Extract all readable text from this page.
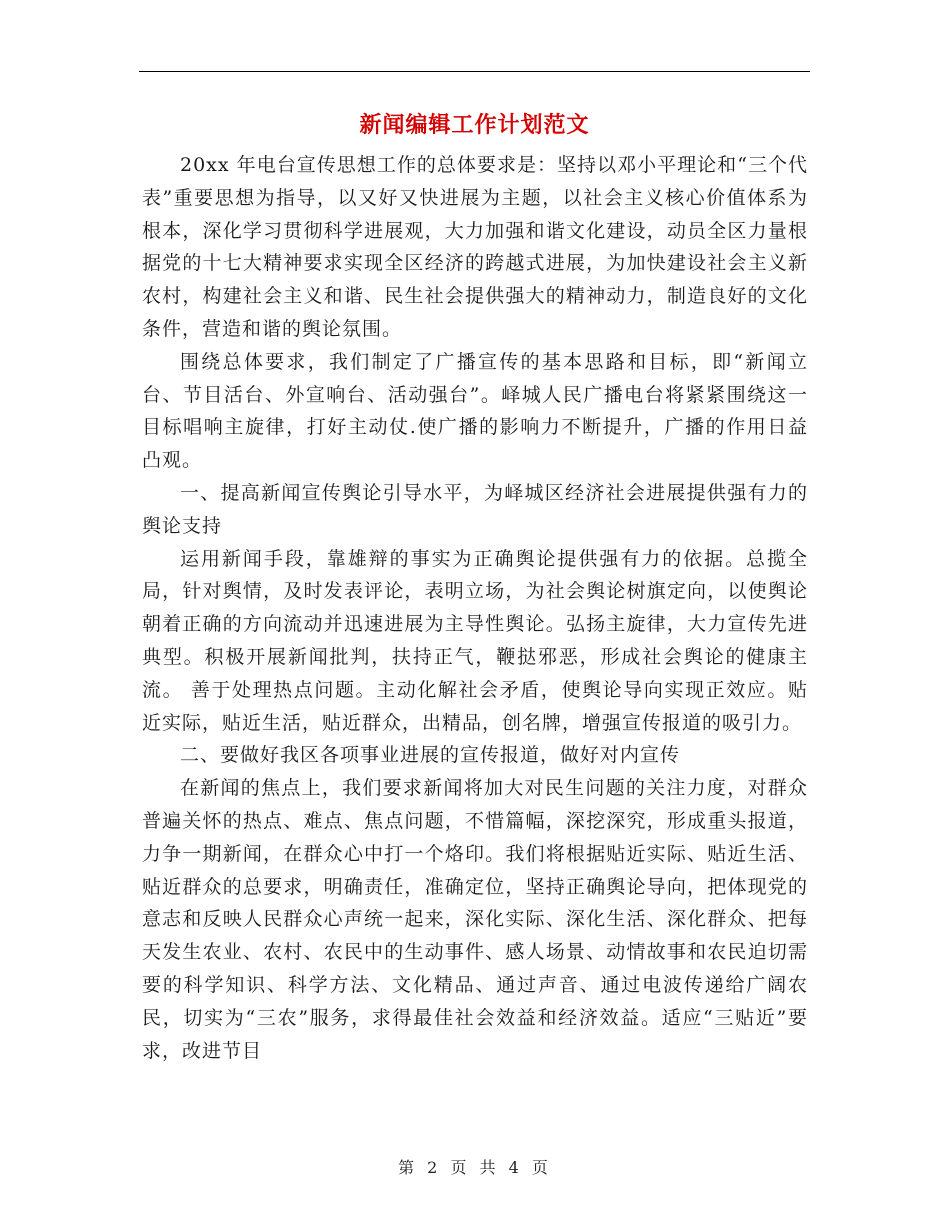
新闻编辑工作计划范文

20xx 年电台宣传思想工作的总体要求是：坚持以邓小平理论和“三个代表”重要思想为指导，以又好又快进展为主题，以社会主义核心价值体系为根本，深化学习贯彻科学进展观，大力加强和谐文化建设，动员全区力量根据党的十七大精神要求实现全区经济的跨越式进展，为加快建设社会主义新农村，构建社会主义和谐、民生社会提供强大的精神动力，制造良好的文化条件，营造和谐的舆论氛围。

围绕总体要求，我们制定了广播宣传的基本思路和目标，即“新闻立台、节目活台、外宣响台、活动强台”。峄城人民广播电台将紧紧围绕这一目标唱响主旋律，打好主动仗.使广播的影响力不断提升，广播的作用日益凸观。

一、提高新闻宣传舆论引导水平，为峄城区经济社会进展提供强有力的舆论支持

运用新闻手段，靠雄辩的事实为正确舆论提供强有力的依据。总揽全局，针对舆情，及时发表评论，表明立场，为社会舆论树旗定向，以使舆论朝着正确的方向流动并迅速进展为主导性舆论。弘扬主旋律，大力宣传先进典型。积极开展新闻批判，扶持正气，鞭挞邪恶，形成社会舆论的健康主流。 善于处理热点问题。主动化解社会矛盾，使舆论导向实现正效应。贴近实际，贴近生活，贴近群众，出精品，创名牌，增强宣传报道的吸引力。

二、要做好我区各项事业进展的宣传报道，做好对内宣传

在新闻的焦点上，我们要求新闻将加大对民生问题的关注力度，对群众普遍关怀的热点、难点、焦点问题，不惜篇幅，深挖深究，形成重头报道，力争一期新闻，在群众心中打一个烙印。我们将根据贴近实际、贴近生活、贴近群众的总要求，明确责任，准确定位，坚持正确舆论导向，把体现党的意志和反映人民群众心声统一起来，深化实际、深化生活、深化群众、把每天发生农业、农村、农民中的生动事件、感人场景、动情故事和农民迫切需要的科学知识、科学方法、文化精品、通过声音、通过电波传递给广阔农民，切实为“三农”服务，求得最佳社会效益和经济效益。适应“三贴近”要求，改进节目

第 2 页 共 4 页
